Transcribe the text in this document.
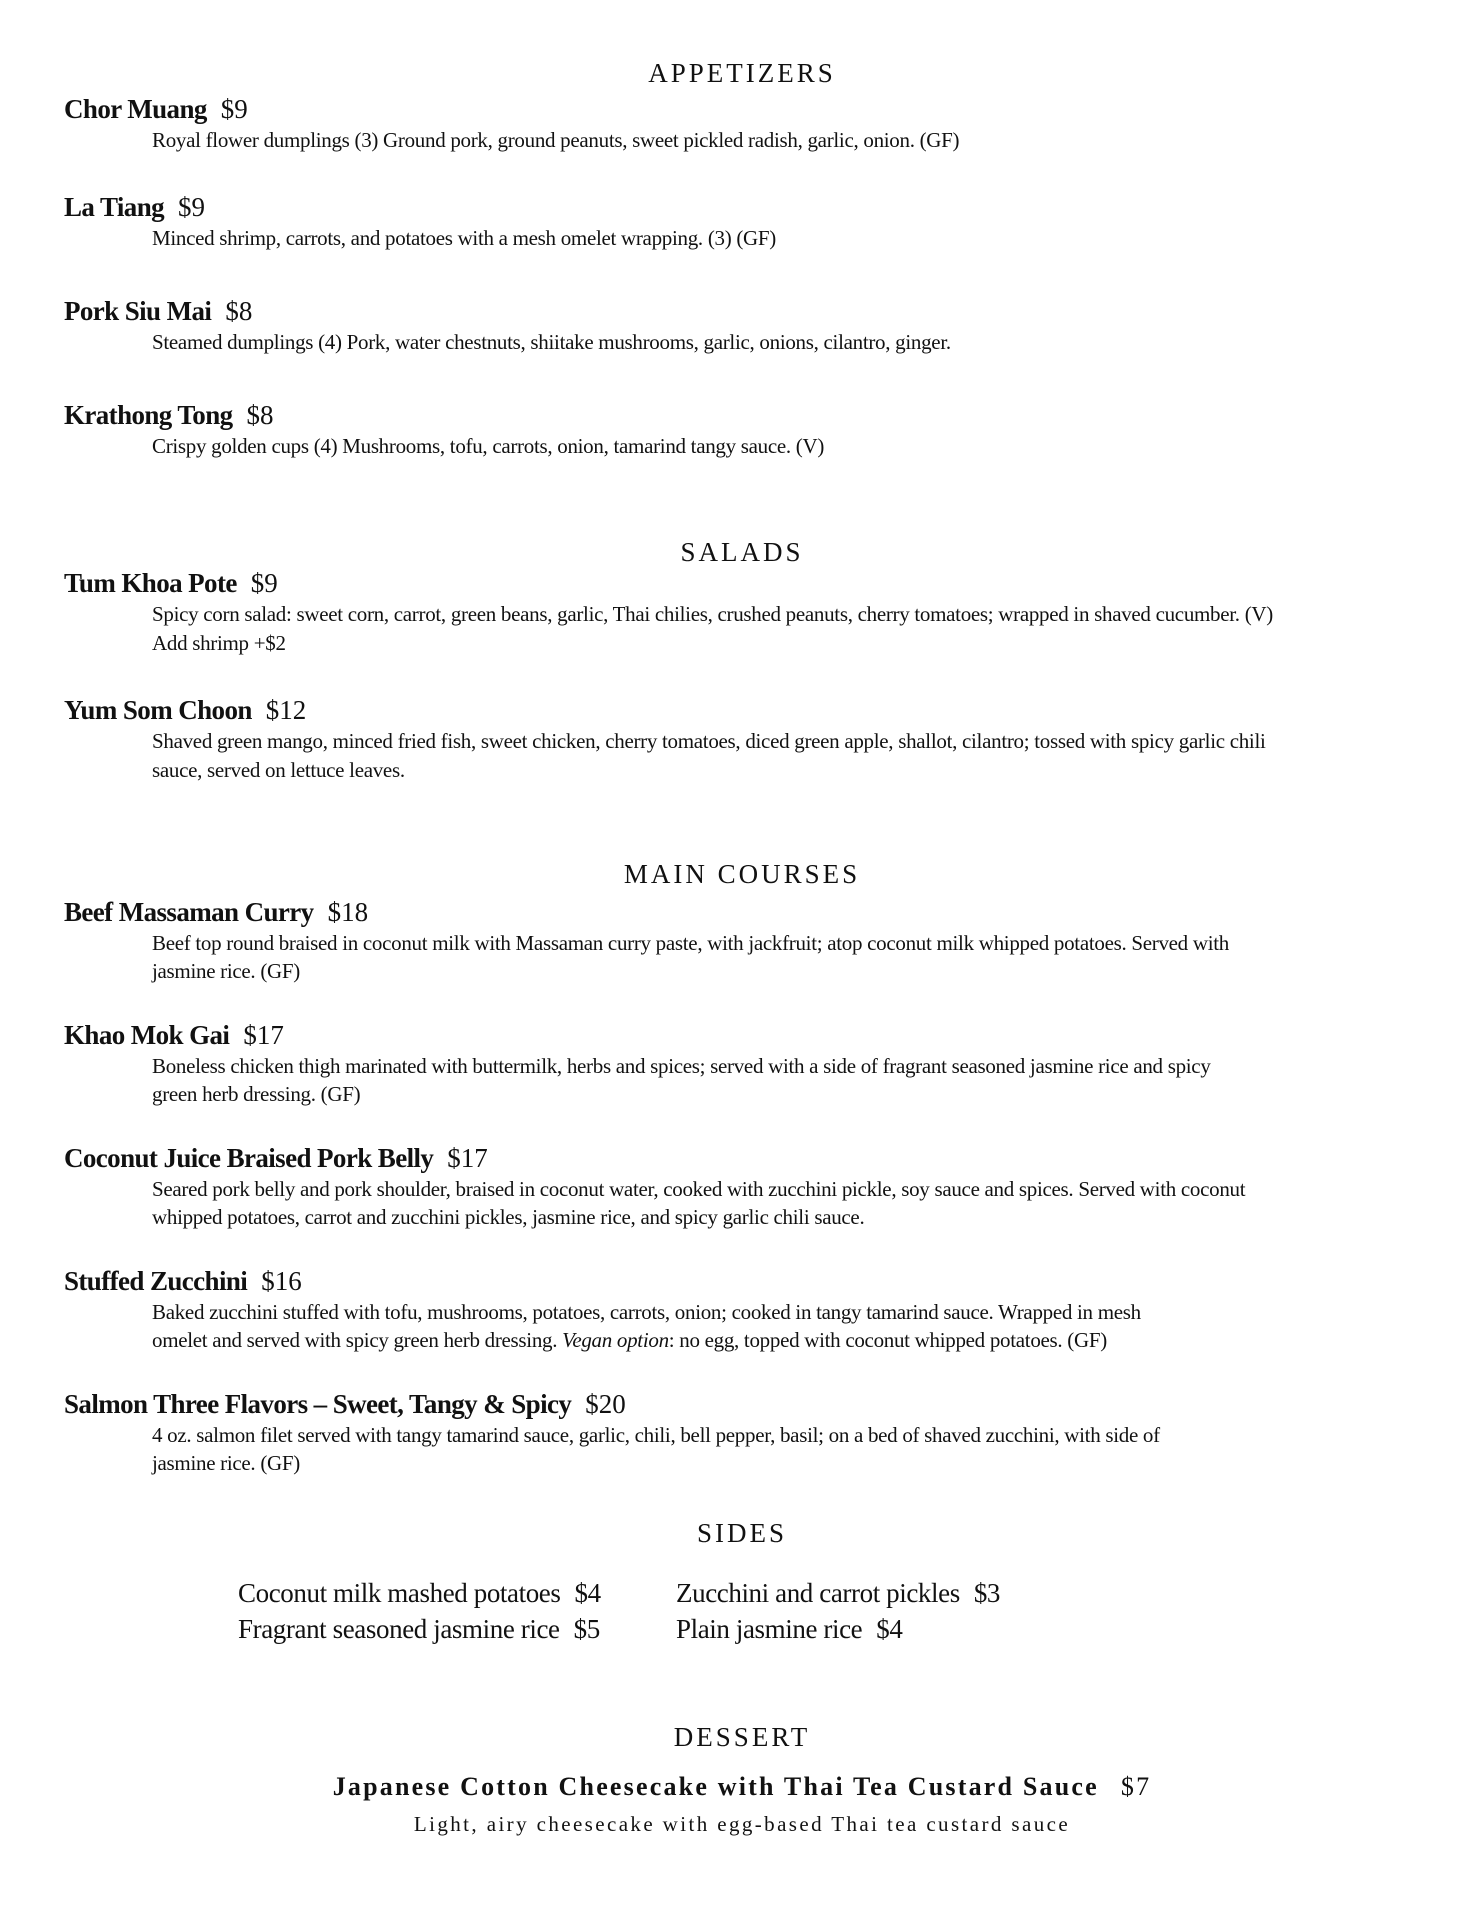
APPETIZERS
Chor Muang $9

Royal flower dumplings (3) Ground pork, ground peanuts, sweet pickled radish, garlic, onion. (GF)

La Tiang $9

Minced shrimp, carrots, and potatoes with a mesh omelet wrapping. (3) (GF)

Pork Siu Mai $8

Steamed dumplings (4) Pork, water chestnuts, shiitake mushrooms, garlic, onions, cilantro, ginger.

Krathong Tong $8

Crispy golden cups (4) Mushrooms, tofu, carrots, onion, tamarind tangy sauce. (V)

SALADS
Tum Khoa Pote $9

Spicy corn salad: sweet corn, carrot, green beans, garlic, Thai chilies, crushed peanuts, cherry tomatoes; wrapped in shaved cucumber. (V)

Add shrimp +$2

Yum Som Choon $12

Shaved green mango, minced fried fish, sweet chicken, cherry tomatoes, diced green apple, shallot, cilantro; tossed with spicy garlic chili

sauce, served on lettuce leaves.

MAIN COURSES
Beef Massaman Curry $18

Beef top round braised in coconut milk with Massaman curry paste, with jackfruit; atop coconut milk whipped potatoes. Served with

jasmine rice. (GF)

Khao Mok Gai $17

Boneless chicken thigh marinated with buttermilk, herbs and spices; served with a side of fragrant seasoned jasmine rice and spicy

green herb dressing. (GF)

Coconut Juice Braised Pork Belly $17

Seared pork belly and pork shoulder, braised in coconut water, cooked with zucchini pickle, soy sauce and spices. Served with coconut

whipped potatoes, carrot and zucchini pickles, jasmine rice, and spicy garlic chili sauce.

Stuffed Zucchini $16

Baked zucchini stuffed with tofu, mushrooms, potatoes, carrots, onion; cooked in tangy tamarind sauce. Wrapped in mesh

omelet and served with spicy green herb dressing. Vegan option: no egg, topped with coconut whipped potatoes. (GF)

Salmon Three Flavors – Sweet, Tangy & Spicy $20

4 oz. salmon filet served with tangy tamarind sauce, garlic, chili, bell pepper, basil; on a bed of shaved zucchini, with side of

jasmine rice. (GF)

SIDES
Coconut milk mashed potatoes $4	Zucchini and carrot pickles $3
Fragrant seasoned jasmine rice $5	Plain jasmine rice $4
DESSERT
Japanese Cotton Cheesecake with Thai Tea Custard Sauce $7
Light, airy cheesecake with egg-based Thai tea custard sauce
